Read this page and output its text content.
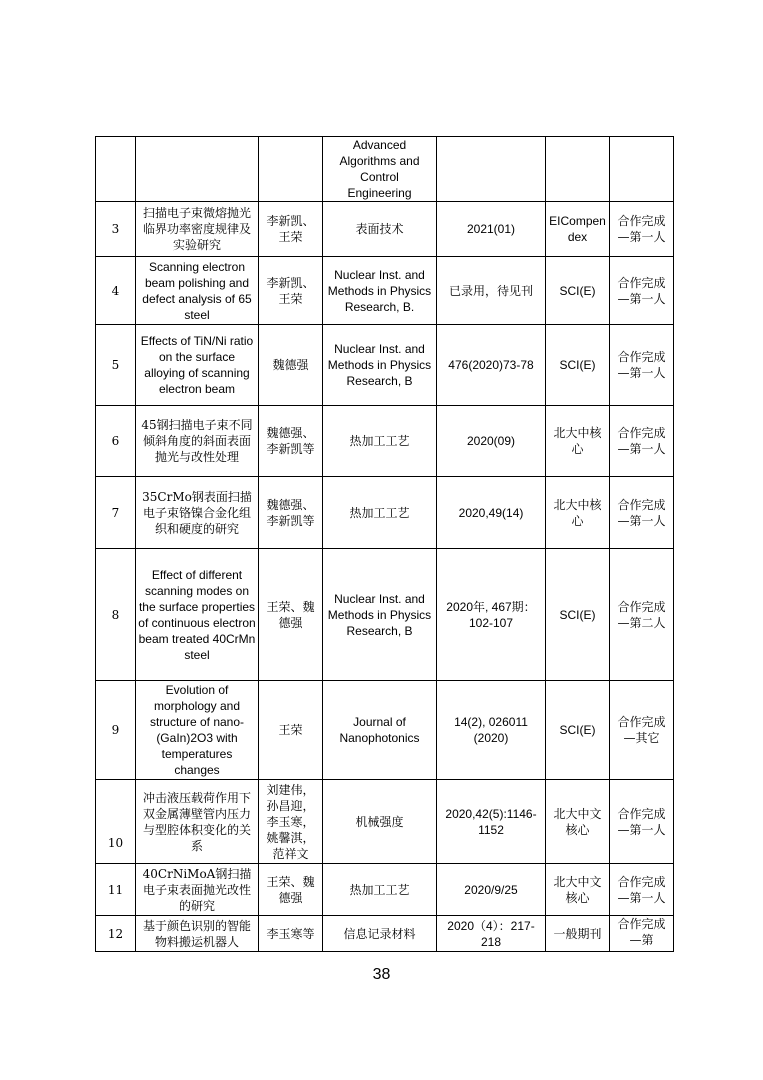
			Advanced Algorithms and Control Engineering			
3	扫描电子束微熔抛光临界功率密度规律及实验研究	李新凯、王荣	表面技术	2021(01)	EICompendex	合作完成—第一人
4	Scanning electron beam polishing and defect analysis of 65 steel	李新凯、王荣	Nuclear Inst. and Methods in Physics Research, B.	已录用，待见刊	SCI(E)	合作完成—第一人
5	Effects of TiN/Ni ratio on the surface alloying of scanning electron beam	魏德强	Nuclear Inst. and Methods in Physics Research, B	476(2020)73-78	SCI(E)	合作完成—第一人
6	45钢扫描电子束不同倾斜角度的斜面表面抛光与改性处理	魏德强、李新凯等	热加工工艺	2020(09)	北大中核心	合作完成—第一人
7	35CrMo钢表面扫描电子束铬镍合金化组织和硬度的研究	魏德强、李新凯等	热加工工艺	2020,49(14)	北大中核心	合作完成—第一人
8	Effect of different scanning modes on the surface properties of continuous electron beam treated 40CrMn steel	王荣、魏德强	Nuclear Inst. and Methods in Physics Research, B	2020年, 467期：102-107	SCI(E)	合作完成—第二人
9	Evolution of morphology and structure of nano-(GaIn)2O3 with temperatures changes	王荣	Journal of Nanophotonics	14(2), 026011 (2020)	SCI(E)	合作完成—其它
10	冲击液压载荷作用下双金属薄壁管内压力与型腔体积变化的关系	刘建伟，孙昌迎，李玉寒，姚馨淇，范祥文	机械强度	2020,42(5):1146-1152	北大中文核心	合作完成—第一人
11	40CrNiMoA钢扫描电子束表面抛光改性的研究	王荣、魏德强	热加工工艺	2020/9/25	北大中文核心	合作完成—第一人
12	基于颜色识别的智能物料搬运机器人	李玉寒等	信息记录材料	2020（4）：217-218	一般期刊	合作完成—第
38
